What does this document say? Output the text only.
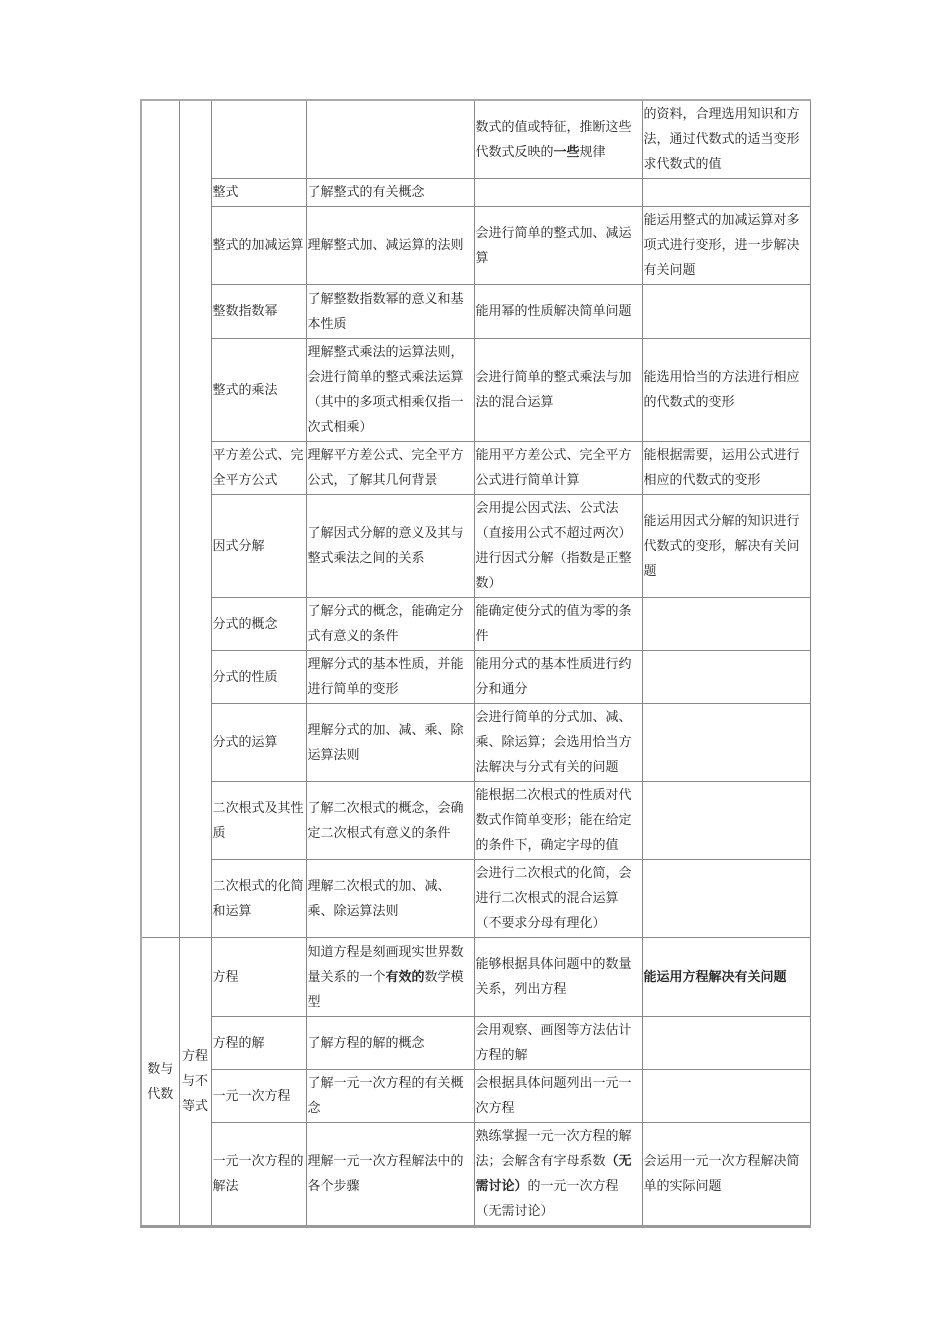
				数式的值或特征，推断这些代数式反映的一些规律	的资料，合理选用知识和方法，通过代数式的适当变形求代数式的值
		整式	了解整式的有关概念		
		整式的加减运算	理解整式加、减运算的法则	会进行简单的整式加、减运算	能运用整式的加减运算对多项式进行变形，进一步解决有关问题
		整数指数幂	了解整数指数幂的意义和基本性质	能用幂的性质解决简单问题	
		整式的乘法	理解整式乘法的运算法则，会进行简单的整式乘法运算（其中的多项式相乘仅指一次式相乘）	会进行简单的整式乘法与加法的混合运算	能选用恰当的方法进行相应的代数式的变形
		平方差公式、完全平方公式	理解平方差公式、完全平方公式，了解其几何背景	能用平方差公式、完全平方公式进行简单计算	能根据需要，运用公式进行相应的代数式的变形
		因式分解	了解因式分解的意义及其与整式乘法之间的关系	会用提公因式法、公式法（直接用公式不超过两次）进行因式分解（指数是正整数）	能运用因式分解的知识进行代数式的变形，解决有关问题
		分式的概念	了解分式的概念，能确定分式有意义的条件	能确定使分式的值为零的条件	
		分式的性质	理解分式的基本性质，并能进行简单的变形	能用分式的基本性质进行约分和通分	
		分式的运算	理解分式的加、减、乘、除运算法则	会进行简单的分式加、减、乘、除运算；会选用恰当方法解决与分式有关的问题	
		二次根式及其性质	了解二次根式的概念，会确定二次根式有意义的条件	能根据二次根式的性质对代数式作简单变形；能在给定的条件下，确定字母的值	
		二次根式的化简和运算	理解二次根式的加、减、乘、除运算法则	会进行二次根式的化简，会进行二次根式的混合运算（不要求分母有理化）	
数与代数	方程与不等式	方程	知道方程是刻画现实世界数量关系的一个有效的数学模型	能够根据具体问题中的数量关系，列出方程	能运用方程解决有关问题
		方程的解	了解方程的解的概念	会用观察、画图等方法估计方程的解	
		一元一次方程	了解一元一次方程的有关概念	会根据具体问题列出一元一次方程	
		一元一次方程的解法	理解一元一次方程解法中的各个步骤	熟练掌握一元一次方程的解法；会解含有字母系数（无需讨论）的一元一次方程（无需讨论）	会运用一元一次方程解决简单的实际问题
